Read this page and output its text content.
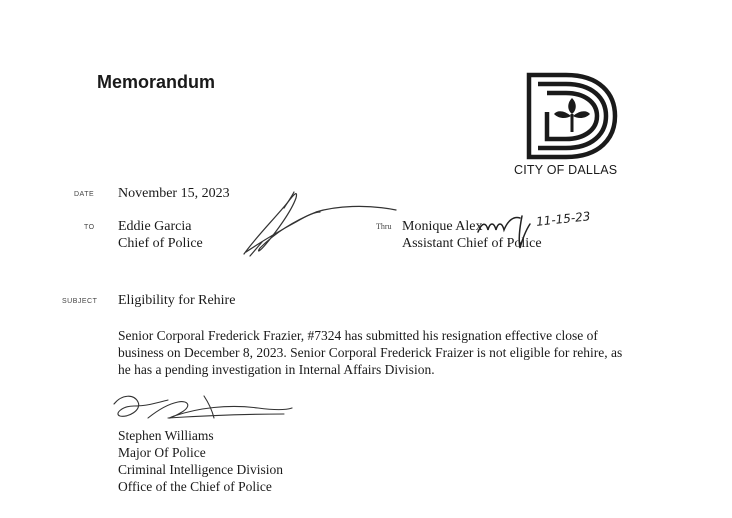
Memorandum
CITY OF DALLAS
DATE November 15, 2023
TO Eddie Garcia
Chief of Police
Thru Monique Alex
Assistant Chief of Police
11-15-23
SUBJECT Eligibility for Rehire
Senior Corporal Frederick Frazier, #7324 has submitted his resignation effective close of business on December 8, 2023. Senior Corporal Frederick Fraizer is not eligible for rehire, as he has a pending investigation in Internal Affairs Division.
Stephen Williams
Major Of Police
Criminal Intelligence Division
Office of the Chief of Police
